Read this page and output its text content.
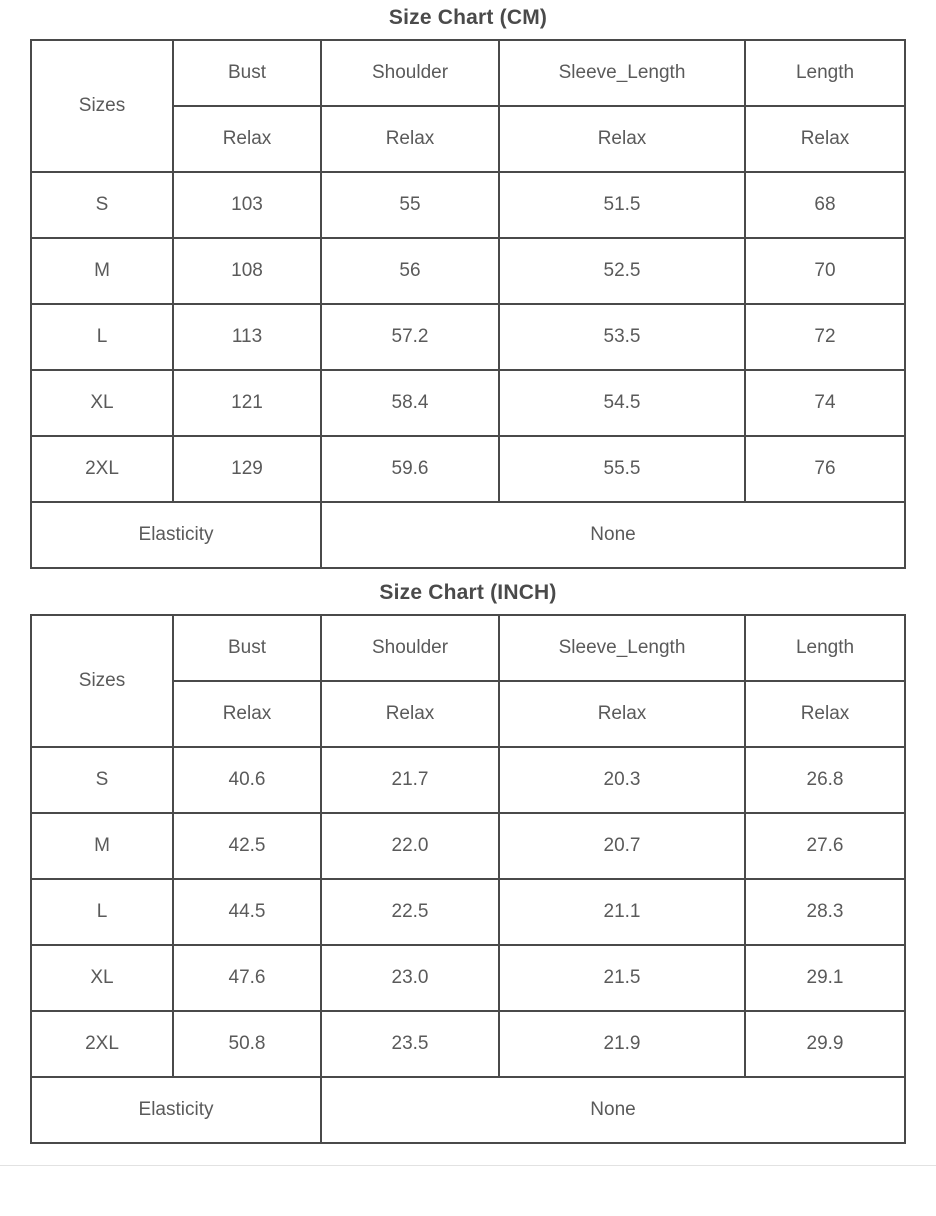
Size Chart (CM)
Sizes	Bust	Shoulder	Sleeve_Length	Length
	Relax	Relax	Relax	Relax
S	103	55	51.5	68
M	108	56	52.5	70
L	113	57.2	53.5	72
XL	121	58.4	54.5	74
2XL	129	59.6	55.5	76
Elasticity		None		
Size Chart (INCH)
Sizes	Bust	Shoulder	Sleeve_Length	Length
	Relax	Relax	Relax	Relax
S	40.6	21.7	20.3	26.8
M	42.5	22.0	20.7	27.6
L	44.5	22.5	21.1	28.3
XL	47.6	23.0	21.5	29.1
2XL	50.8	23.5	21.9	29.9
Elasticity		None		
